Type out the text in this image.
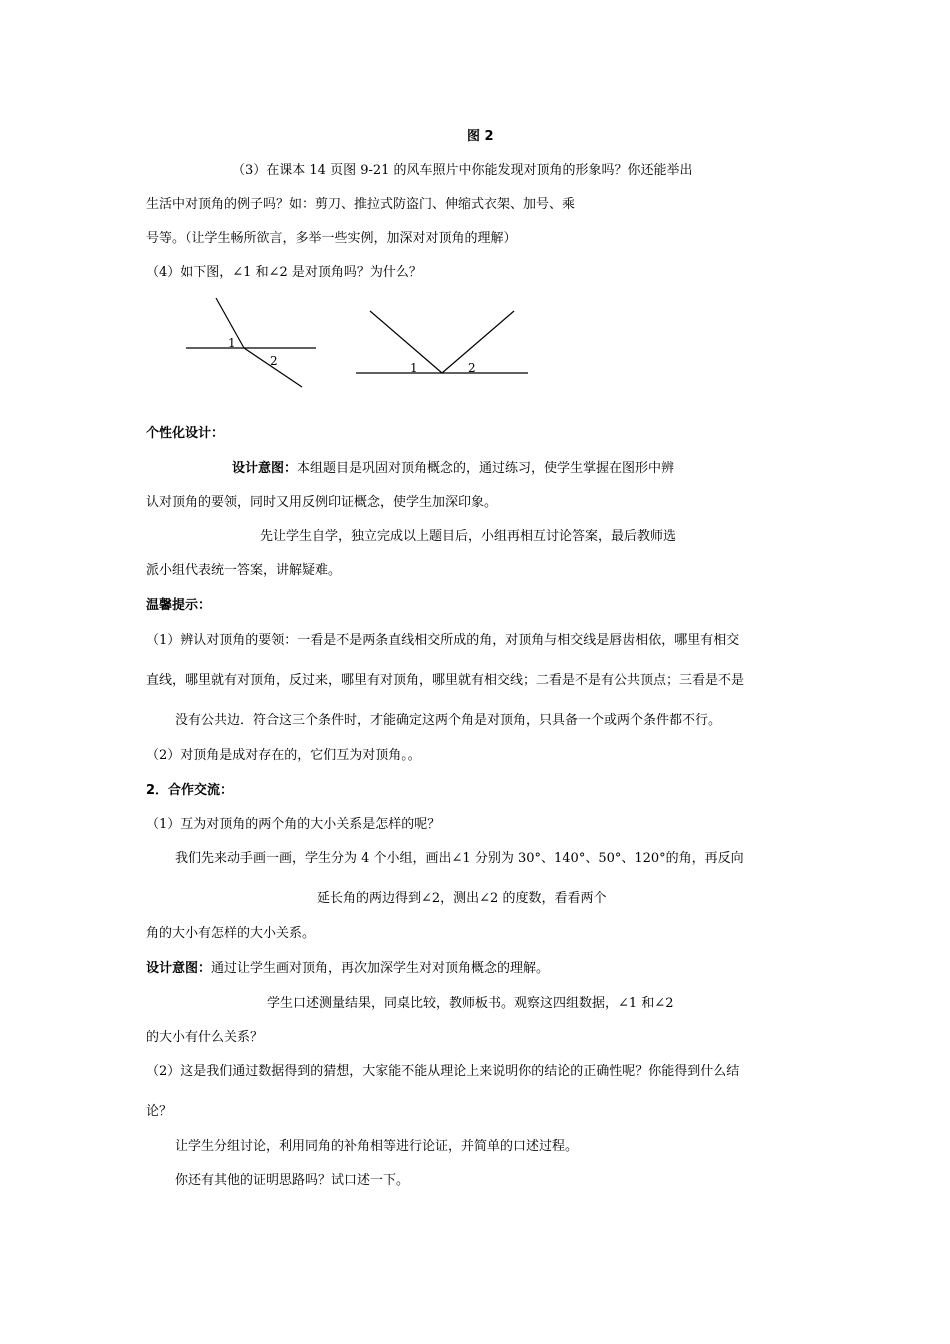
图 2
（3）在课本 14 页图 9-21 的风车照片中你能发现对顶角的形象吗？你还能举出
生活中对顶角的例子吗？如：剪刀、推拉式防盗门、伸缩式衣架、加号、乘
号等。（让学生畅所欲言，多举一些实例，加深对对顶角的理解）
（4）如下图，∠1 和∠2 是对顶角吗？为什么？
1
2	1	2
个性化设计：
设计意图：本组题目是巩固对顶角概念的，通过练习，使学生掌握在图形中辨
认对顶角的要领，同时又用反例印证概念，使学生加深印象。
先让学生自学，独立完成以上题目后，小组再相互讨论答案，最后教师选
派小组代表统一答案，讲解疑难。
温馨提示：
（1）辨认对顶角的要领：一看是不是两条直线相交所成的角，对顶角与相交线是唇齿相依，哪里有相交
直线，哪里就有对顶角，反过来，哪里有对顶角，哪里就有相交线；二看是不是有公共顶点；三看是不是
没有公共边．符合这三个条件时，才能确定这两个角是对顶角，只具备一个或两个条件都不行。
（2）对顶角是成对存在的，它们互为对顶角。。
2．合作交流：
（1）互为对顶角的两个角的大小关系是怎样的呢？
我们先来动手画一画，学生分为 4 个小组，画出∠1 分别为 30°、140°、50°、120°的角，再反向
延长角的两边得到∠2，测出∠2 的度数，看看两个
角的大小有怎样的大小关系。
设计意图：通过让学生画对顶角，再次加深学生对对顶角概念的理解。
学生口述测量结果，同桌比较，教师板书。观察这四组数据，∠1 和∠2
的大小有什么关系？
（2）这是我们通过数据得到的猜想，大家能不能从理论上来说明你的结论的正确性呢？你能得到什么结
论？
让学生分组讨论，利用同角的补角相等进行论证，并简单的口述过程。
你还有其他的证明思路吗？试口述一下。
